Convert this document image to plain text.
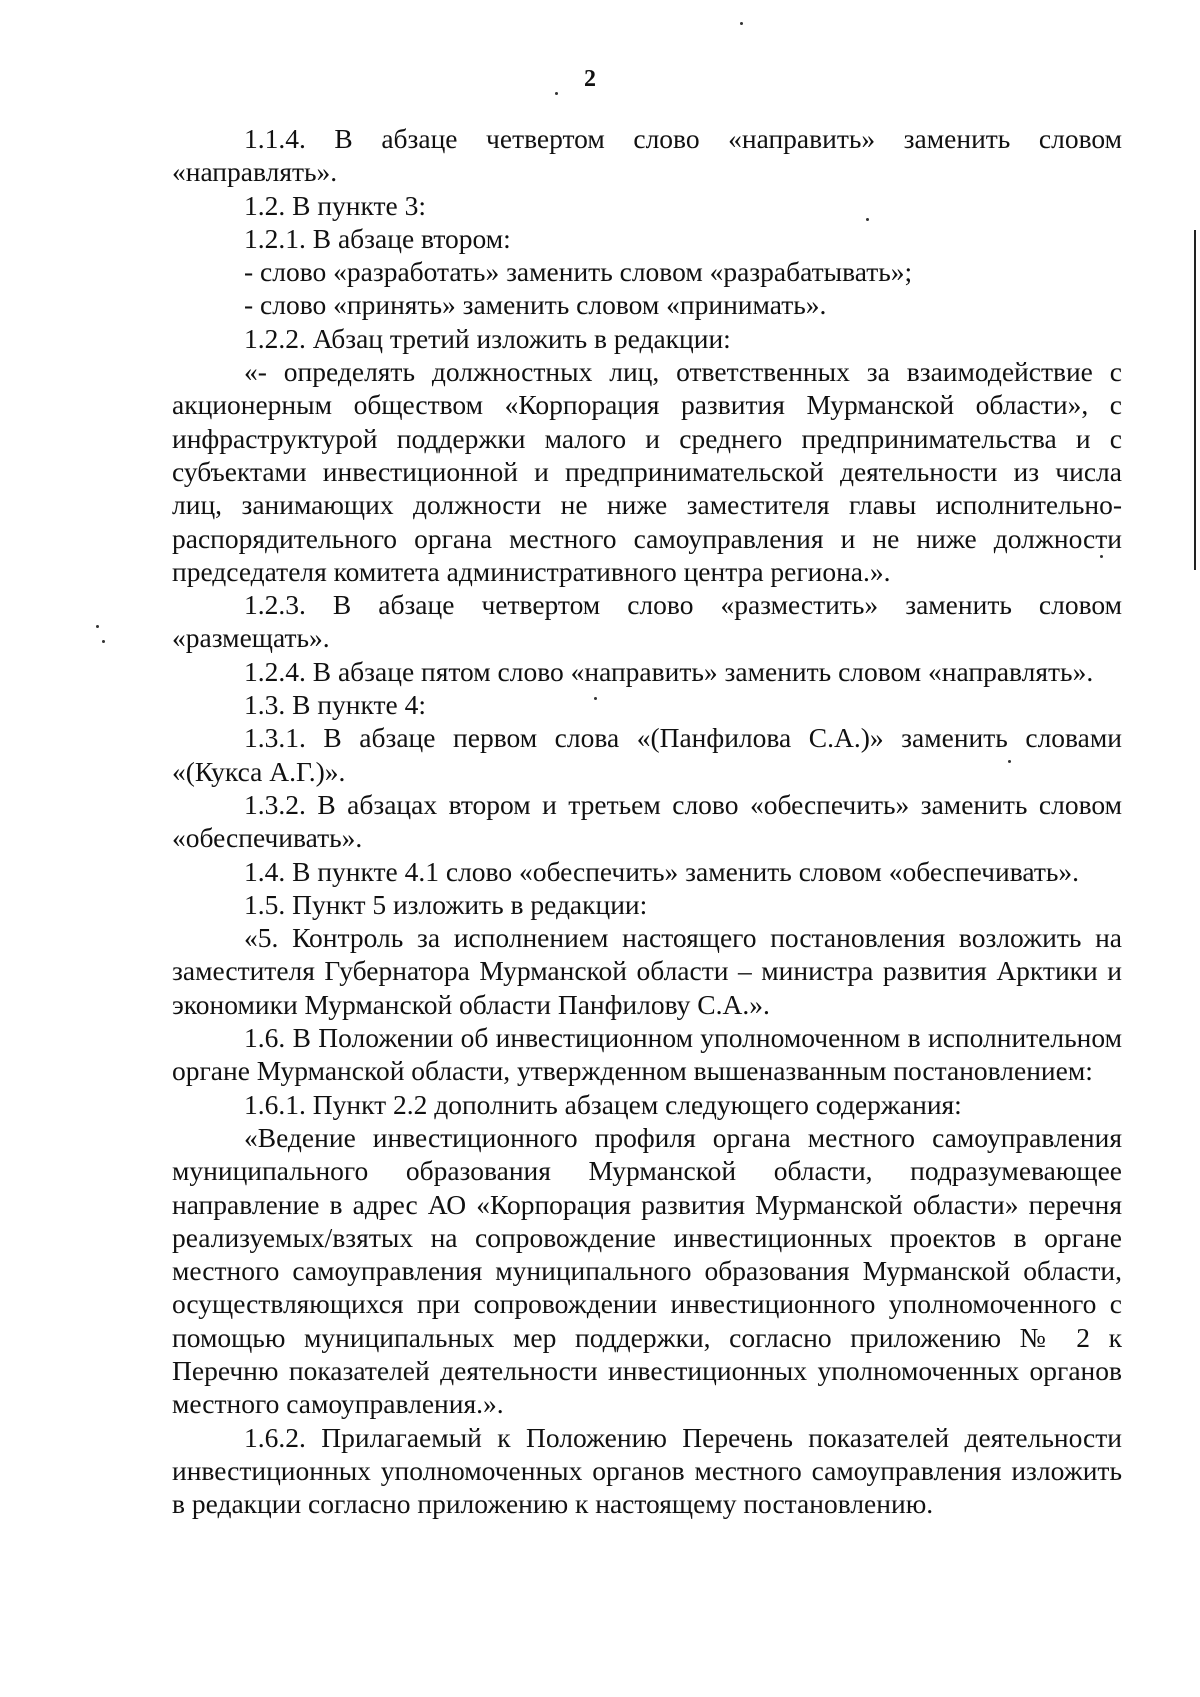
2

1.1.4. В абзаце четвертом слово «направить» заменить словом «направлять».

1.2. В пункте 3:

1.2.1. В абзаце втором:

- слово «разработать» заменить словом «разрабатывать»;

- слово «принять» заменить словом «принимать».

1.2.2. Абзац третий изложить в редакции:

«- определять должностных лиц, ответственных за взаимодействие с акционерным обществом «Корпорация развития Мурманской области», с инфраструктурой поддержки малого и среднего предпринимательства и с субъектами инвестиционной и предпринимательской деятельности из числа лиц, занимающих должности не ниже заместителя главы исполнительно-распорядительного органа местного самоуправления и не ниже должности председателя комитета административного центра региона.».

1.2.3. В абзаце четвертом слово «разместить» заменить словом «размещать».

1.2.4. В абзаце пятом слово «направить» заменить словом «направлять».

1.3. В пункте 4:

1.3.1. В абзаце первом слова «(Панфилова С.А.)» заменить словами «(Кукса А.Г.)».

1.3.2. В абзацах втором и третьем слово «обеспечить» заменить словом «обеспечивать».

1.4. В пункте 4.1 слово «обеспечить» заменить словом «обеспечивать».

1.5. Пункт 5 изложить в редакции:

«5. Контроль за исполнением настоящего постановления возложить на заместителя Губернатора Мурманской области – министра развития Арктики и экономики Мурманской области Панфилову С.А.».

1.6. В Положении об инвестиционном уполномоченном в исполнительном органе Мурманской области, утвержденном вышеназванным постановлением:

1.6.1. Пункт 2.2 дополнить абзацем следующего содержания:

«Ведение инвестиционного профиля органа местного самоуправления муниципального образования Мурманской области, подразумевающее направление в адрес АО «Корпорация развития Мурманской области» перечня реализуемых/взятых на сопровождение инвестиционных проектов в органе местного самоуправления муниципального образования Мурманской области, осуществляющихся при сопровождении инвестиционного уполномоченного с помощью муниципальных мер поддержки, согласно приложению № 2 к Перечню показателей деятельности инвестиционных уполномоченных органов местного самоуправления.».

1.6.2. Прилагаемый к Положению Перечень показателей деятельности инвестиционных уполномоченных органов местного самоуправления изложить в редакции согласно приложению к настоящему постановлению.
